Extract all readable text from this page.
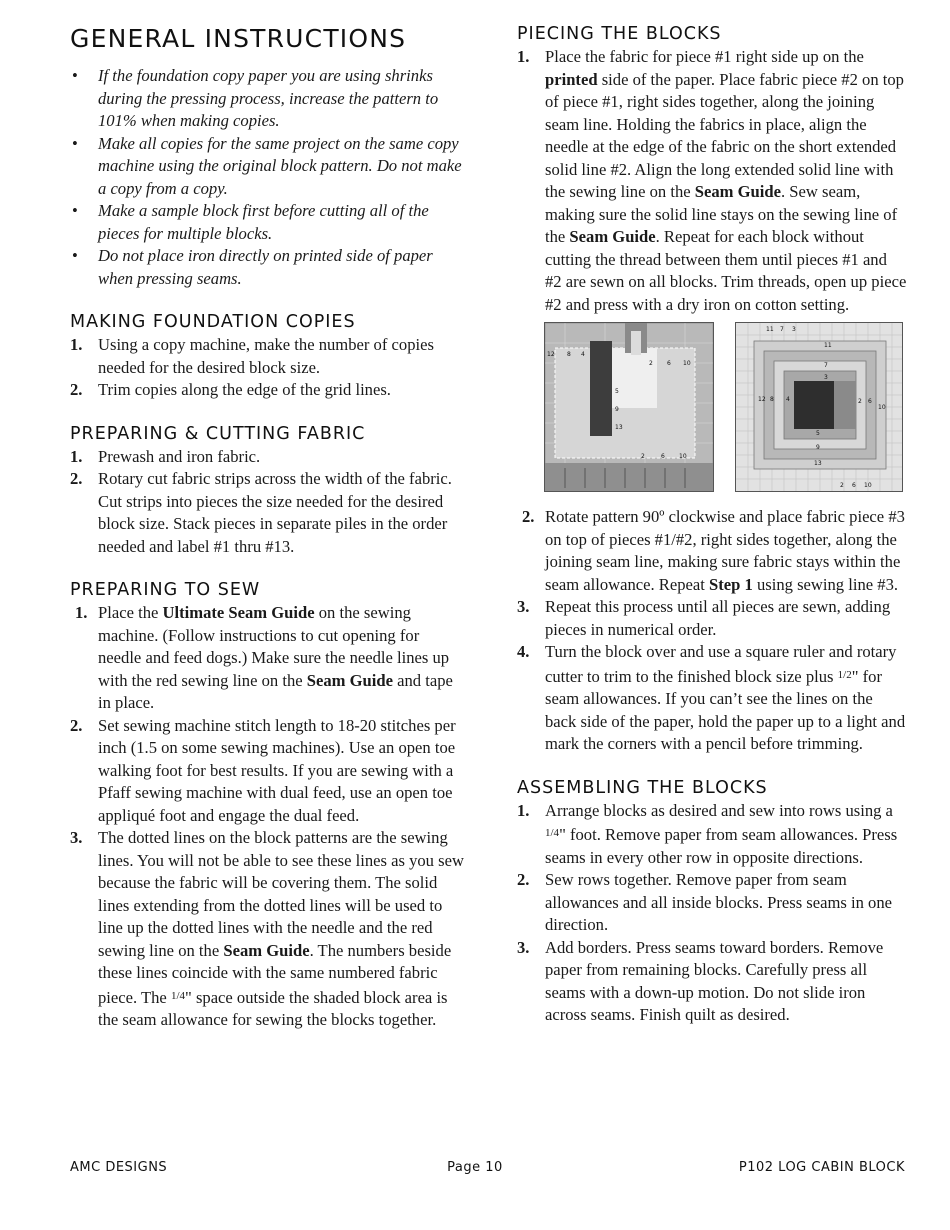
GENERAL INSTRUCTIONS
• If the foundation copy paper you are using shrinks during the pressing process, increase the pattern to 101% when making copies.
• Make all copies for the same project on the same copy machine using the original block pattern. Do not make a copy from a copy.
• Make a sample block first before cutting all of the pieces for multiple blocks.
• Do not place iron directly on printed side of paper when pressing seams.
MAKING FOUNDATION COPIES
1. Using a copy machine, make the number of copies needed for the desired block size.
2. Trim copies along the edge of the grid lines.
PREPARING & CUTTING FABRIC
1. Prewash and iron fabric.
2. Rotary cut fabric strips across the width of the fabric. Cut strips into pieces the size needed for the desired block size. Stack pieces in separate piles in the order needed and label #1 thru #13.
PREPARING TO SEW
1. Place the Ultimate Seam Guide on the sewing machine. (Follow instructions to cut opening for needle and feed dogs.) Make sure the needle lines up with the red sewing line on the Seam Guide and tape in place.
2. Set sewing machine stitch length to 18-20 stitches per inch (1.5 on some sewing machines). Use an open toe walking foot for best results. If you are sewing with a Pfaff sewing machine with dual feed, use an open toe appliqué foot and engage the dual feed.
3. The dotted lines on the block patterns are the sewing lines. You will not be able to see these lines as you sew because the fabric will be covering them. The solid lines extending from the dotted lines will be used to line up the dotted lines with the needle and the red sewing line on the Seam Guide. The numbers beside these lines coincide with the same numbered fabric piece. The $^{1/4}$" space outside the shaded block area is the seam allowance for sewing the blocks together.
PIECING THE BLOCKS
1. Place the fabric for piece #1 right side up on the printed side of the paper. Place fabric piece #2 on top of piece #1, right sides together, along the joining seam line. Holding the fabrics in place, align the needle at the edge of the fabric on the short extended solid line #2. Align the long extended solid line with the sewing line on the Seam Guide. Sew seam, making sure the solid line stays on the sewing line of the Seam Guide. Repeat for each block without cutting the thread between them until pieces #1 and #2 are sewn on all blocks. Trim threads, open up piece #2 and press with a dry iron on cotton setting.
12 8 4
2 6 10
5
9
13
2	6 10
11
7
3
12 8 4	2 6
10
5
9
13
11 7 3
2 6 10
2. Rotate pattern 90º clockwise and place fabric piece #3 on top of pieces #1/#2, right sides together, along the joining seam line, making sure fabric stays within the seam allowance. Repeat Step 1 using sewing line #3.
3. Repeat this process until all pieces are sewn, adding pieces in numerical order.
4. Turn the block over and use a square ruler and rotary cutter to trim to the finished block size plus $^{1/2}$" for seam allowances. If you can’t see the lines on the back side of the paper, hold the paper up to a light and mark the corners with a pencil before trimming.
ASSEMBLING THE BLOCKS
1. Arrange blocks as desired and sew into rows using a $^{1/4}$" foot. Remove paper from seam allowances. Press seams in every other row in opposite directions.
2. Sew rows together. Remove paper from seam allowances and all inside blocks. Press seams in one direction.
3. Add borders. Press seams toward borders. Remove paper from remaining blocks. Carefully press all seams with a down-up motion. Do not slide iron across seams. Finish quilt as desired.
AMC DESIGNS	Page 10	P102 LOG CABIN BLOCK
